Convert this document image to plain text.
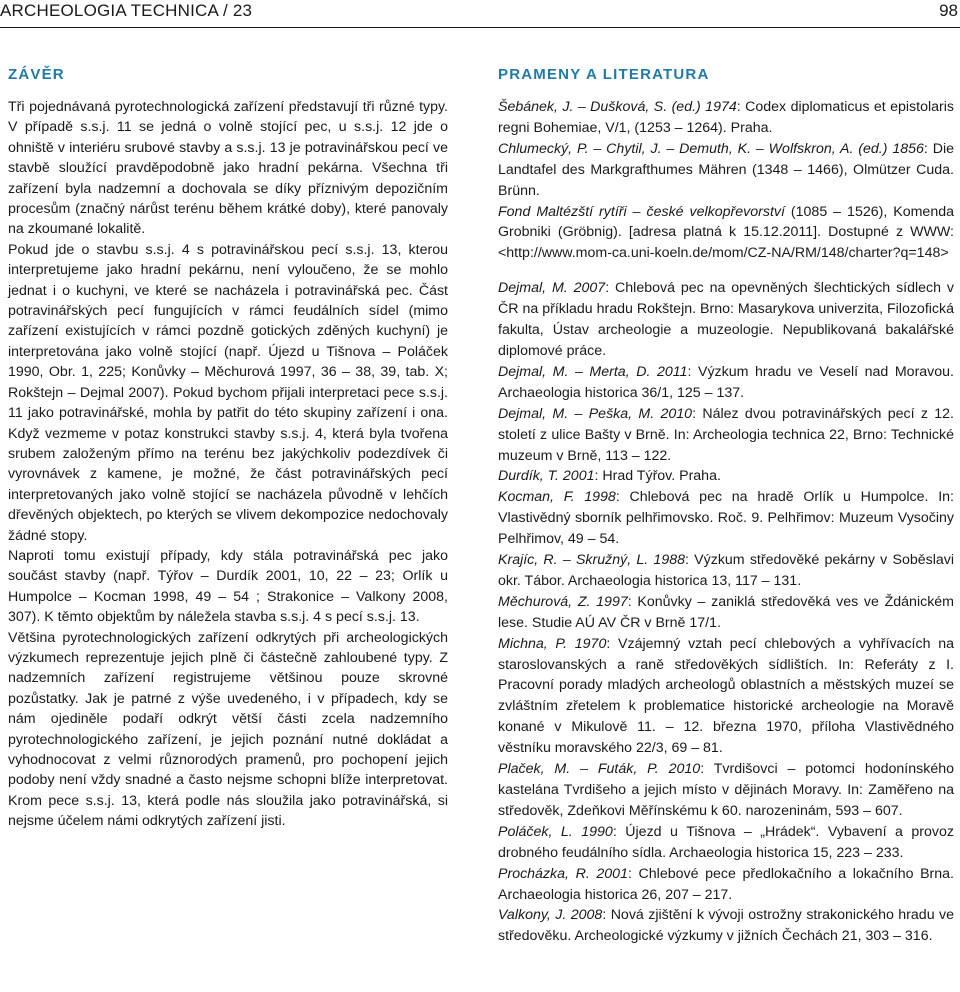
ARCHEOLOGIA TECHNICA / 23	98
ZÁVĚR

Tři pojednávaná pyrotechnologická zařízení představují tři různé typy. V případě s.s.j. 11 se jedná o volně stojící pec, u s.s.j. 12 jde o ohniště v interiéru srubové stavby a s.s.j. 13 je potravinářskou pecí ve stavbě sloužící pravděpodobně jako hradní pekárna. Všechna tři zařízení byla nadzemní a dochovala se díky příznivým depozičním procesům (značný nárůst terénu během krátké doby), které panovaly na zkoumané lokalitě.

Pokud jde o stavbu s.s.j. 4 s potravinářskou pecí s.s.j. 13, kterou interpretujeme jako hradní pekárnu, není vyloučeno, že se mohlo jednat i o kuchyni, ve které se nacházela i potravinářská pec. Část potravinářských pecí fungujících v rámci feudálních sídel (mimo zařízení existujících v rámci pozdně gotických zděných kuchyní) je interpretována jako volně stojící (např. Újezd u Tišnova – Poláček 1990, Obr. 1, 225; Konůvky – Měchurová 1997, 36 – 38, 39, tab. X; Rokštejn – Dejmal 2007). Pokud bychom přijali interpretaci pece s.s.j. 11 jako potravinářské, mohla by patřit do této skupiny zařízení i ona. Když vezmeme v potaz konstrukci stavby s.s.j. 4, která byla tvořena srubem založeným přímo na terénu bez jakýchkoliv podezdívek či vyrovnávek z kamene, je možné, že část potravinářských pecí interpretovaných jako volně stojící se nacházela původně v lehčích dřevěných objektech, po kterých se vlivem dekompozice nedochovaly žádné stopy.

Naproti tomu existují případy, kdy stála potravinářská pec jako součást stavby (např. Týřov – Durdík 2001, 10, 22 – 23; Orlík u Humpolce – Kocman 1998, 49 – 54 ; Strakonice – Valkony 2008, 307). K těmto objektům by náležela stavba s.s.j. 4 s pecí s.s.j. 13.

Většina pyrotechnologických zařízení odkrytých při archeologických výzkumech reprezentuje jejich plně či částečně zahloubené typy. Z nadzemních zařízení registrujeme většinou pouze skrovné pozůstatky. Jak je patrné z výše uvedeného, i v případech, kdy se nám ojediněle podaří odkrýt větší části zcela nadzemního pyrotechnologického zařízení, je jejich poznání nutné dokládat a vyhodnocovat z velmi různorodých pramenů, pro pochopení jejich podoby není vždy snadné a často nejsme schopni blíže interpretovat. Krom pece s.s.j. 13, která podle nás sloužila jako potravinářská, si nejsme účelem námi odkrytých zařízení jisti.

PRAMENY A LITERATURA

Šebánek, J. – Dušková, S. (ed.) 1974: Codex diplomaticus et epistolaris regni Bohemiae, V/1, (1253 – 1264). Praha.

Chlumecký, P. – Chytil, J. – Demuth, K. – Wolfskron, A. (ed.) 1856: Die Landtafel des Markgrafthumes Mähren (1348 – 1466), Olmützer Cuda. Brünn.

Fond Maltézští rytíři – české velkopřevorství (1085 – 1526), Komenda Grobniki (Gröbnig). [adresa platná k 15.12.2011]. Dostupné z WWW: <http://www.mom-ca.uni-koeln.de/mom/CZ-NA/RM/148/charter?q=148>

Dejmal, M. 2007: Chlebová pec na opevněných šlechtických sídlech v ČR na příkladu hradu Rokštejn. Brno: Masarykova univerzita, Filozofická fakulta, Ústav archeologie a muzeologie. Nepublikovaná bakalářské diplomové práce.

Dejmal, M. – Merta, D. 2011: Výzkum hradu ve Veselí nad Moravou. Archaeologia historica 36/1, 125 – 137.

Dejmal, M. – Peška, M. 2010: Nález dvou potravinářských pecí z 12. století z ulice Bašty v Brně. In: Archeologia technica 22, Brno: Technické muzeum v Brně, 113 – 122.

Durdík, T. 2001: Hrad Týřov. Praha.

Kocman, F. 1998: Chlebová pec na hradě Orlík u Humpolce. In: Vlastivědný sborník pelhřimovsko. Roč. 9. Pelhřimov: Muzeum Vysočiny Pelhřimov, 49 – 54.

Krajíc, R. – Skružný, L. 1988: Výzkum středověké pekárny v Soběslavi okr. Tábor. Archaeologia historica 13, 117 – 131.

Měchurová, Z. 1997: Konůvky – zaniklá středověká ves ve Ždánickém lese. Studie AÚ AV ČR v Brně 17/1.

Michna, P. 1970: Vzájemný vztah pecí chlebových a vyhřívacích na staroslovanských a raně středověkých sídlištích. In: Referáty z I. Pracovní porady mladých archeologů oblastních a městských muzeí se zvláštním zřetelem k problematice historické archeologie na Moravě konané v Mikulově 11. – 12. března 1970, příloha Vlastivědného věstníku moravského 22/3, 69 – 81.

Plaček, M. – Futák, P. 2010: Tvrdišovci – potomci hodonínského kastelána Tvrdišeho a jejich místo v dějinách Moravy. In: Zaměřeno na středověk, Zdeňkovi Měřínskému k 60. narozeninám, 593 – 607.

Poláček, L. 1990: Újezd u Tišnova – „Hrádek“. Vybavení a provoz drobného feudálního sídla. Archaeologia historica 15, 223 – 233.

Procházka, R. 2001: Chlebové pece předlokačního a lokačního Brna. Archaeologia historica 26, 207 – 217.

Valkony, J. 2008: Nová zjištění k vývoji ostrožny strakonického hradu ve středověku. Archeologické výzkumy v jižních Čechách 21, 303 – 316.
